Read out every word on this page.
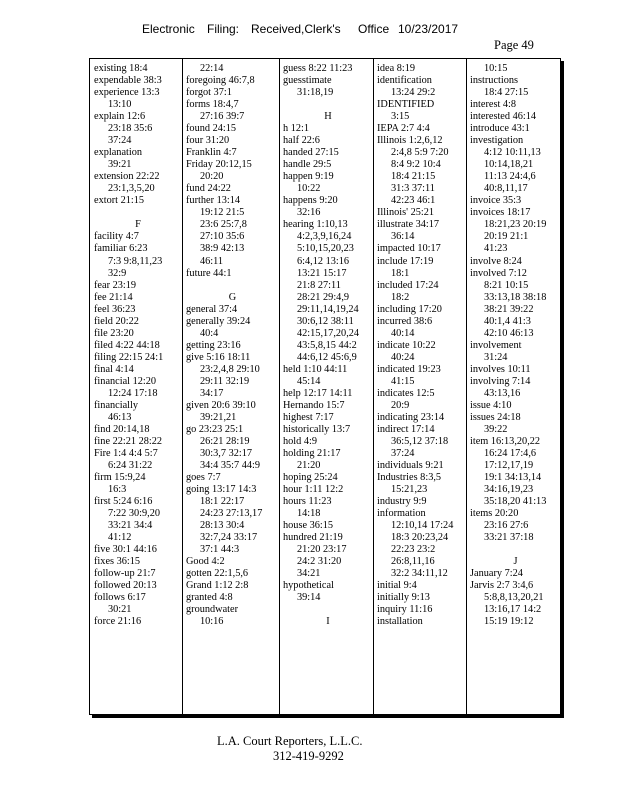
Electronic Filing: Received,Clerk's Office 10/23/2017
Page 49
existing 18:4
expendable 38:3
experience 13:3
13:10
explain 12:6
23:18 35:6
37:24
explanation
39:21
extension 22:22
23:1,3,5,20
extort 21:15
F
facility 4:7
familiar 6:23
7:3 9:8,11,23
32:9
fear 23:19
fee 21:14
feel 36:23
field 20:22
file 23:20
filed 4:22 44:18
filing 22:15 24:1
final 4:14
financial 12:20
12:24 17:18
financially
46:13
find 20:14,18
fine 22:21 28:22
Fire 1:4 4:4 5:7
6:24 31:22
firm 15:9,24
16:3
first 5:24 6:16
7:22 30:9,20
33:21 34:4
41:12
five 30:1 44:16
fixes 36:15
follow-up 21:7
followed 20:13
follows 6:17
30:21
force 21:16
22:14
foregoing 46:7,8
forgot 37:1
forms 18:4,7
27:16 39:7
found 24:15
four 31:20
Franklin 4:7
Friday 20:12,15
20:20
fund 24:22
further 13:14
19:12 21:5
23:6 25:7,8
27:10 35:6
38:9 42:13
46:11
future 44:1
G
general 37:4
generally 39:24
40:4
getting 23:16
give 5:16 18:11
23:2,4,8 29:10
29:11 32:19
34:17
given 20:6 39:10
39:21,21
go 23:23 25:1
26:21 28:19
30:3,7 32:17
34:4 35:7 44:9
goes 7:7
going 13:17 14:3
18:1 22:17
24:23 27:13,17
28:13 30:4
32:7,24 33:17
37:1 44:3
Good 4:2
gotten 22:1,5,6
Grand 1:12 2:8
granted 4:8
groundwater
10:16
guess 8:22 11:23
guesstimate
31:18,19
H
h 12:1
half 22:6
handed 27:15
handle 29:5
happen 9:19
10:22
happens 9:20
32:16
hearing 1:10,13
4:2,3,9,16,24
5:10,15,20,23
6:4,12 13:16
13:21 15:17
21:8 27:11
28:21 29:4,9
29:11,14,19,24
30:6,12 38:11
42:15,17,20,24
43:5,8,15 44:2
44:6,12 45:6,9
held 1:10 44:11
45:14
help 12:17 14:11
Hernando 15:7
highest 7:17
historically 13:7
hold 4:9
holding 21:17
21:20
hoping 25:24
hour 1:11 12:2
hours 11:23
14:18
house 36:15
hundred 21:19
21:20 23:17
24:2 31:20
34:21
hypothetical
39:14
I
idea 8:19
identification
13:24 29:2
IDENTIFIED
3:15
IEPA 2:7 4:4
Illinois 1:2,6,12
2:4,8 5:9 7:20
8:4 9:2 10:4
18:4 21:15
31:3 37:11
42:23 46:1
Illinois' 25:21
illustrate 34:17
36:14
impacted 10:17
include 17:19
18:1
included 17:24
18:2
including 17:20
incurred 38:6
40:14
indicate 10:22
40:24
indicated 19:23
41:15
indicates 12:5
20:9
indicating 23:14
indirect 17:14
36:5,12 37:18
37:24
individuals 9:21
Industries 8:3,5
15:21,23
industry 9:9
information
12:10,14 17:24
18:3 20:23,24
22:23 23:2
26:8,11,16
32:2 34:11,12
initial 9:4
initially 9:13
inquiry 11:16
installation
10:15
instructions
18:4 27:15
interest 4:8
interested 46:14
introduce 43:1
investigation
4:12 10:11,13
10:14,18,21
11:13 24:4,6
40:8,11,17
invoice 35:3
invoices 18:17
18:21,23 20:19
20:19 21:1
41:23
involve 8:24
involved 7:12
8:21 10:15
33:13,18 38:18
38:21 39:22
40:1,4 41:3
42:10 46:13
involvement
31:24
involves 10:11
involving 7:14
43:13,16
issue 4:10
issues 24:18
39:22
item 16:13,20,22
16:24 17:4,6
17:12,17,19
19:1 34:13,14
34:16,19,23
35:18,20 41:13
items 20:20
23:16 27:6
33:21 37:18
J
January 7:24
Jarvis 2:7 3:4,6
5:8,8,13,20,21
13:16,17 14:2
15:19 19:12
L.A. Court Reporters, L.L.C.
312-419-9292
